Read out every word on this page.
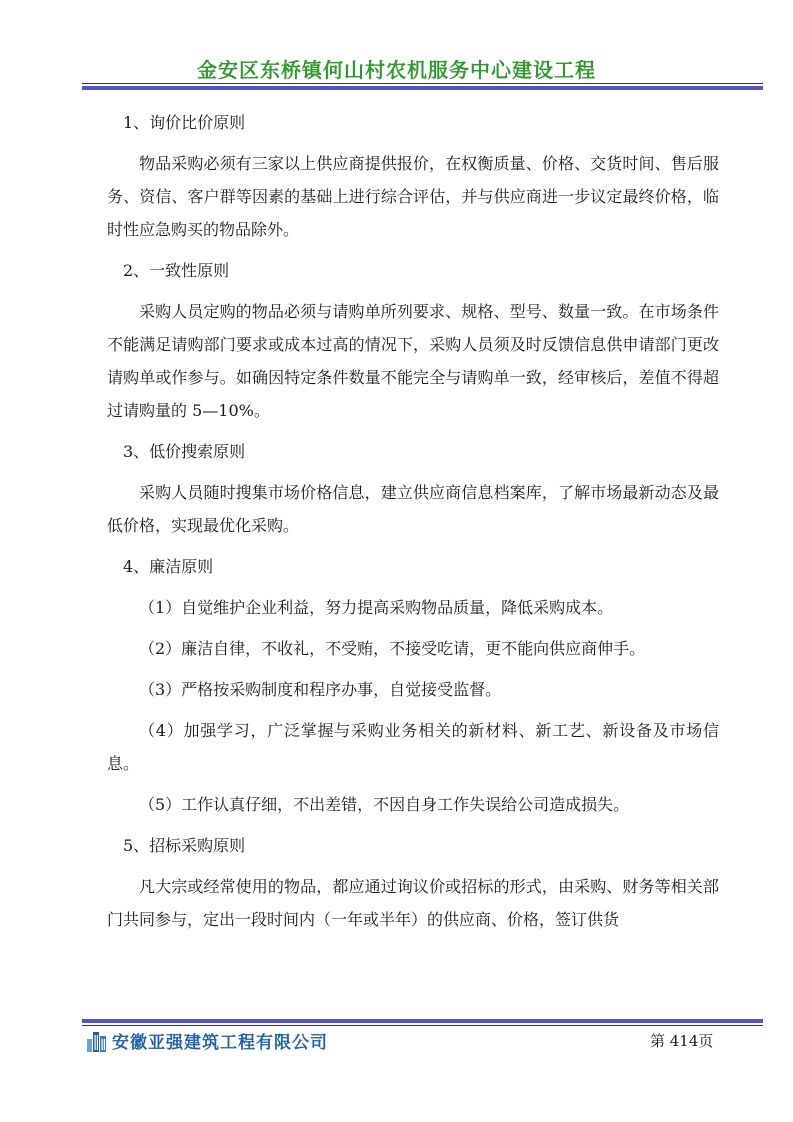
金安区东桥镇何山村农机服务中心建设工程

1、询价比价原则

物品采购必须有三家以上供应商提供报价，在权衡质量、价格、交货时间、售后服务、资信、客户群等因素的基础上进行综合评估，并与供应商进一步议定最终价格，临时性应急购买的物品除外。

2、一致性原则

采购人员定购的物品必须与请购单所列要求、规格、型号、数量一致。在市场条件不能满足请购部门要求或成本过高的情况下，采购人员须及时反馈信息供申请部门更改请购单或作参与。如确因特定条件数量不能完全与请购单一致，经审核后，差值不得超过请购量的 5—10%。

3、低价搜索原则

采购人员随时搜集市场价格信息，建立供应商信息档案库，了解市场最新动态及最低价格，实现最优化采购。

4、廉洁原则

（1）自觉维护企业利益，努力提高采购物品质量，降低采购成本。

（2）廉洁自律，不收礼，不受贿，不接受吃请，更不能向供应商伸手。

（3）严格按采购制度和程序办事，自觉接受监督。

（4）加强学习，广泛掌握与采购业务相关的新材料、新工艺、新设备及市场信息。

（5）工作认真仔细，不出差错，不因自身工作失误给公司造成损失。

5、招标采购原则

凡大宗或经常使用的物品，都应通过询议价或招标的形式，由采购、财务等相关部门共同参与，定出一段时间内（一年或半年）的供应商、价格，签订供货

安徽亚强建筑工程有限公司	第 414页
